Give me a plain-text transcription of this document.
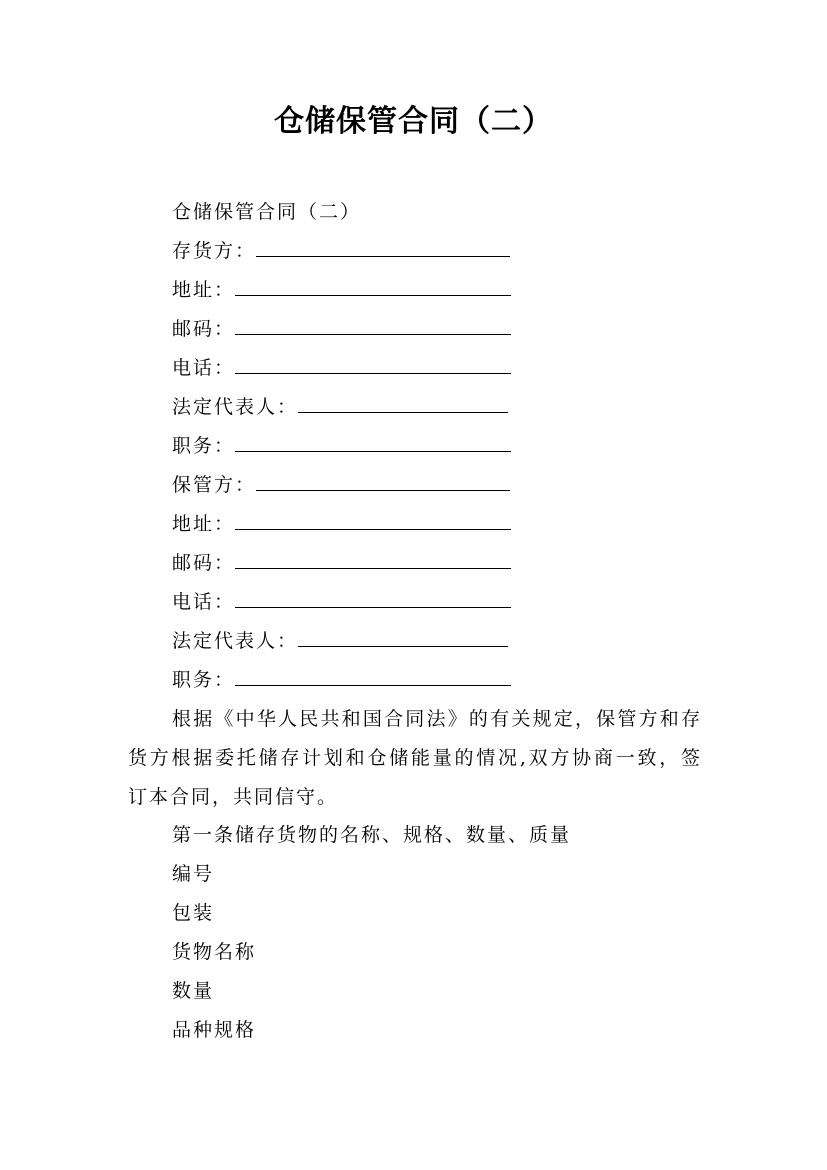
仓储保管合同（二）
仓储保管合同（二）
存货方：
地址：
邮码：
电话：
法定代表人：
职务：
保管方：
地址：
邮码：
电话：
法定代表人：
职务：
根据《中华人民共和国合同法》的有关规定，保管方和存货方根据委托储存计划和仓储能量的情况,双方协商一致，签订本合同，共同信守。
第一条储存货物的名称、规格、数量、质量
编号
包装
货物名称
数量
品种规格
